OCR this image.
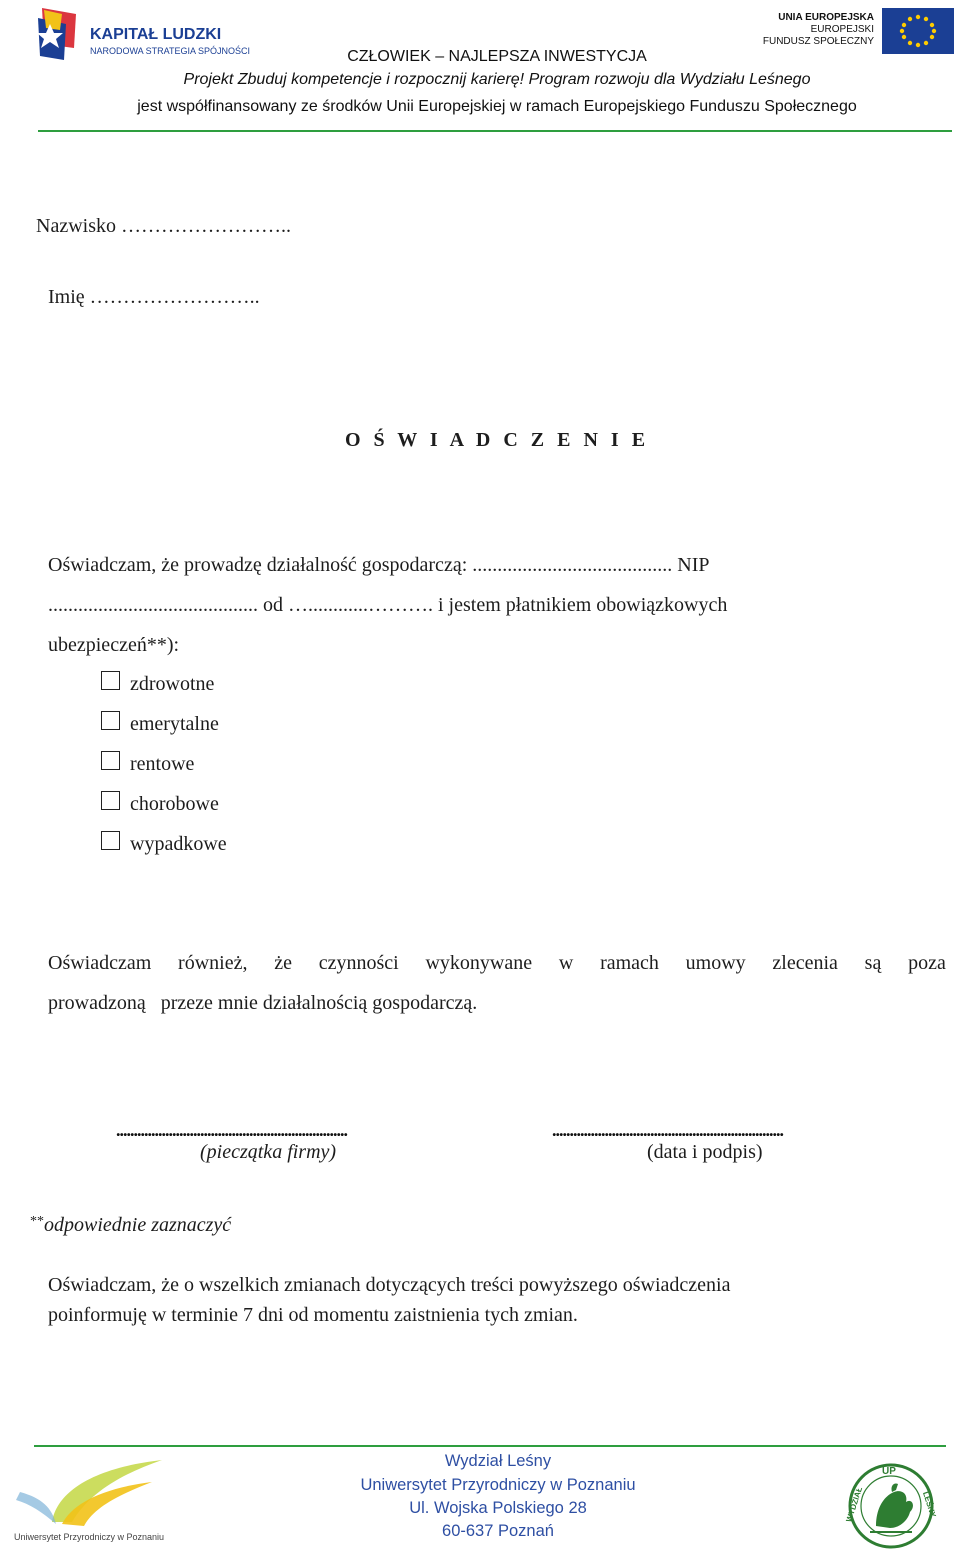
KAPITAŁ LUDZKI
NARODOWA STRATEGIA SPÓJNOŚCI
UNIA EUROPEJSKA
EUROPEJSKI
FUNDUSZ SPOŁECZNY
CZŁOWIEK – NAJLEPSZA INWESTYCJA
Projekt Zbuduj kompetencje i rozpocznij karierę! Program rozwoju dla Wydziału Leśnego
jest współfinansowany ze środków Unii Europejskiej w ramach Europejskiego Funduszu Społecznego
Nazwisko ……………………..
Imię ……………………..
O Ś W I A D C Z E N I E
Oświadczam, że prowadzę działalność gospodarczą: ........................................ NIP
.......................................... od …............………. i jestem płatnikiem obowiązkowych
ubezpieczeń**):
zdrowotne
emerytalne
rentowe
chorobowe
wypadkowe
Oświadczam również, że czynności wykonywane w ramach umowy zlecenia są poza
prowadzoną   przeze mnie działalnością gospodarczą.
..................................................................
(pieczątka firmy)
..................................................................
(data i podpis)
**odpowiednie zaznaczyć
Oświadczam, że o wszelkich zmianach dotyczących treści powyższego oświadczenia
poinformuję w terminie 7 dni od momentu zaistnienia tych zmian.
Uniwersytet Przyrodniczy w Poznaniu
Wydział Leśny
Uniwersytet Przyrodniczy w Poznaniu
Ul. Wojska Polskiego 28
60-637 Poznań
UP
WYDZIAŁ	LEŚNY
